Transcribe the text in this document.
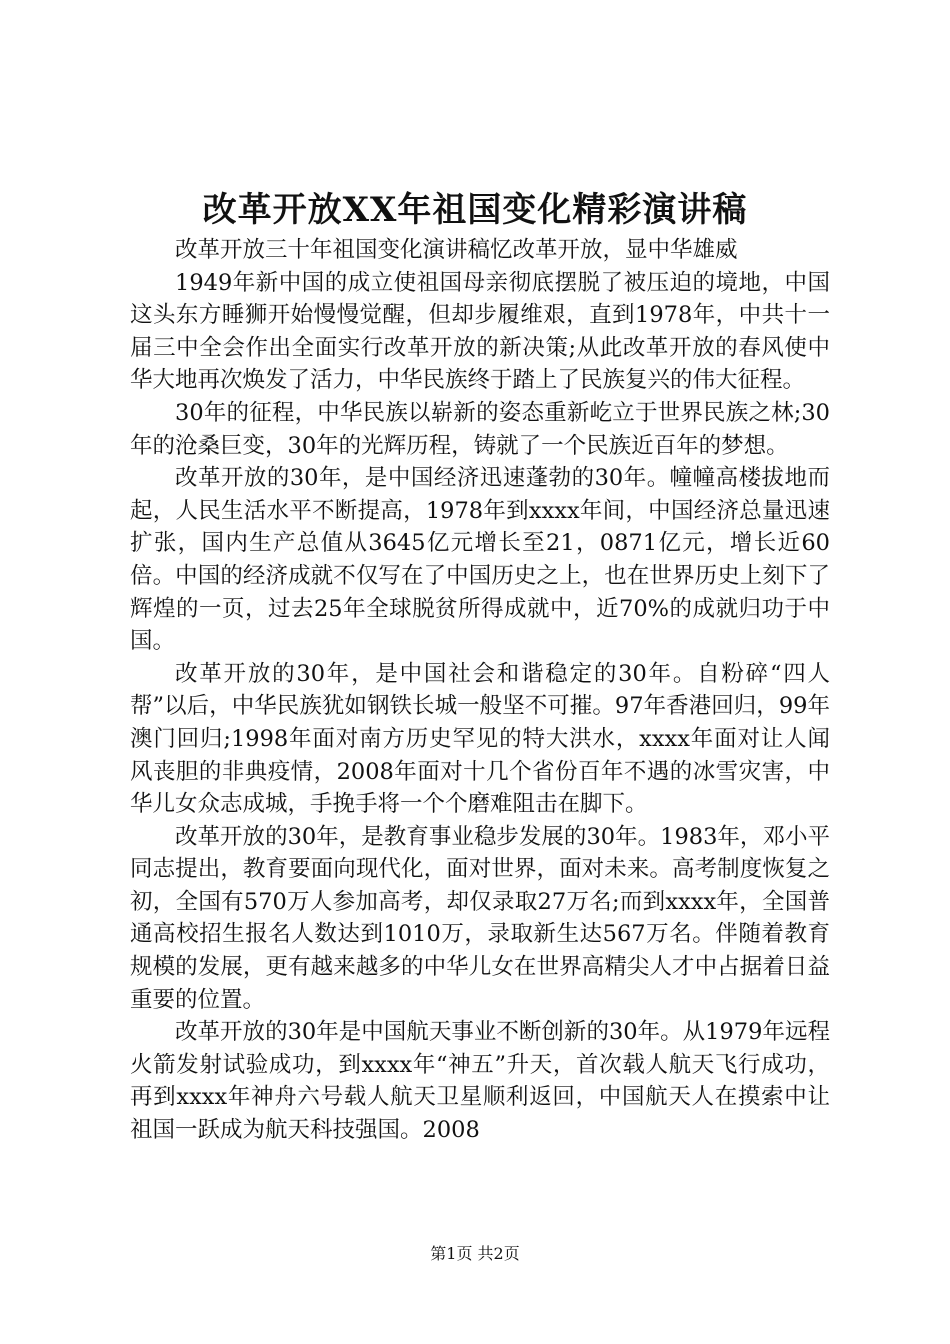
改革开放XX年祖国变化精彩演讲稿

改革开放三十年祖国变化演讲稿忆改革开放，显中华雄威

1949年新中国的成立使祖国母亲彻底摆脱了被压迫的境地，中国这头东方睡狮开始慢慢觉醒，但却步履维艰，直到1978年，中共十一届三中全会作出全面实行改革开放的新决策;从此改革开放的春风使中华大地再次焕发了活力，中华民族终于踏上了民族复兴的伟大征程。

30年的征程，中华民族以崭新的姿态重新屹立于世界民族之林;30年的沧桑巨变，30年的光辉历程，铸就了一个民族近百年的梦想。

改革开放的30年，是中国经济迅速蓬勃的30年。幢幢高楼拔地而起，人民生活水平不断提高，1978年到xxxx年间，中国经济总量迅速扩张，国内生产总值从3645亿元增长至21，0871亿元，增长近60倍。中国的经济成就不仅写在了中国历史之上，也在世界历史上刻下了辉煌的一页，过去25年全球脱贫所得成就中，近70%的成就归功于中国。

改革开放的30年，是中国社会和谐稳定的30年。自粉碎“四人帮”以后，中华民族犹如钢铁长城一般坚不可摧。97年香港回归，99年澳门回归;1998年面对南方历史罕见的特大洪水，xxxx年面对让人闻风丧胆的非典疫情，2008年面对十几个省份百年不遇的冰雪灾害，中华儿女众志成城，手挽手将一个个磨难阻击在脚下。

改革开放的30年，是教育事业稳步发展的30年。1983年，邓小平同志提出，教育要面向现代化，面对世界，面对未来。高考制度恢复之初，全国有570万人参加高考，却仅录取27万名;而到xxxx年，全国普通高校招生报名人数达到1010万，录取新生达567万名。伴随着教育规模的发展，更有越来越多的中华儿女在世界高精尖人才中占据着日益重要的位置。

改革开放的30年是中国航天事业不断创新的30年。从1979年远程火箭发射试验成功，到xxxx年“神五”升天，首次载人航天飞行成功，再到xxxx年神舟六号载人航天卫星顺利返回，中国航天人在摸索中让祖国一跃成为航天科技强国。2008

第1页 共2页
